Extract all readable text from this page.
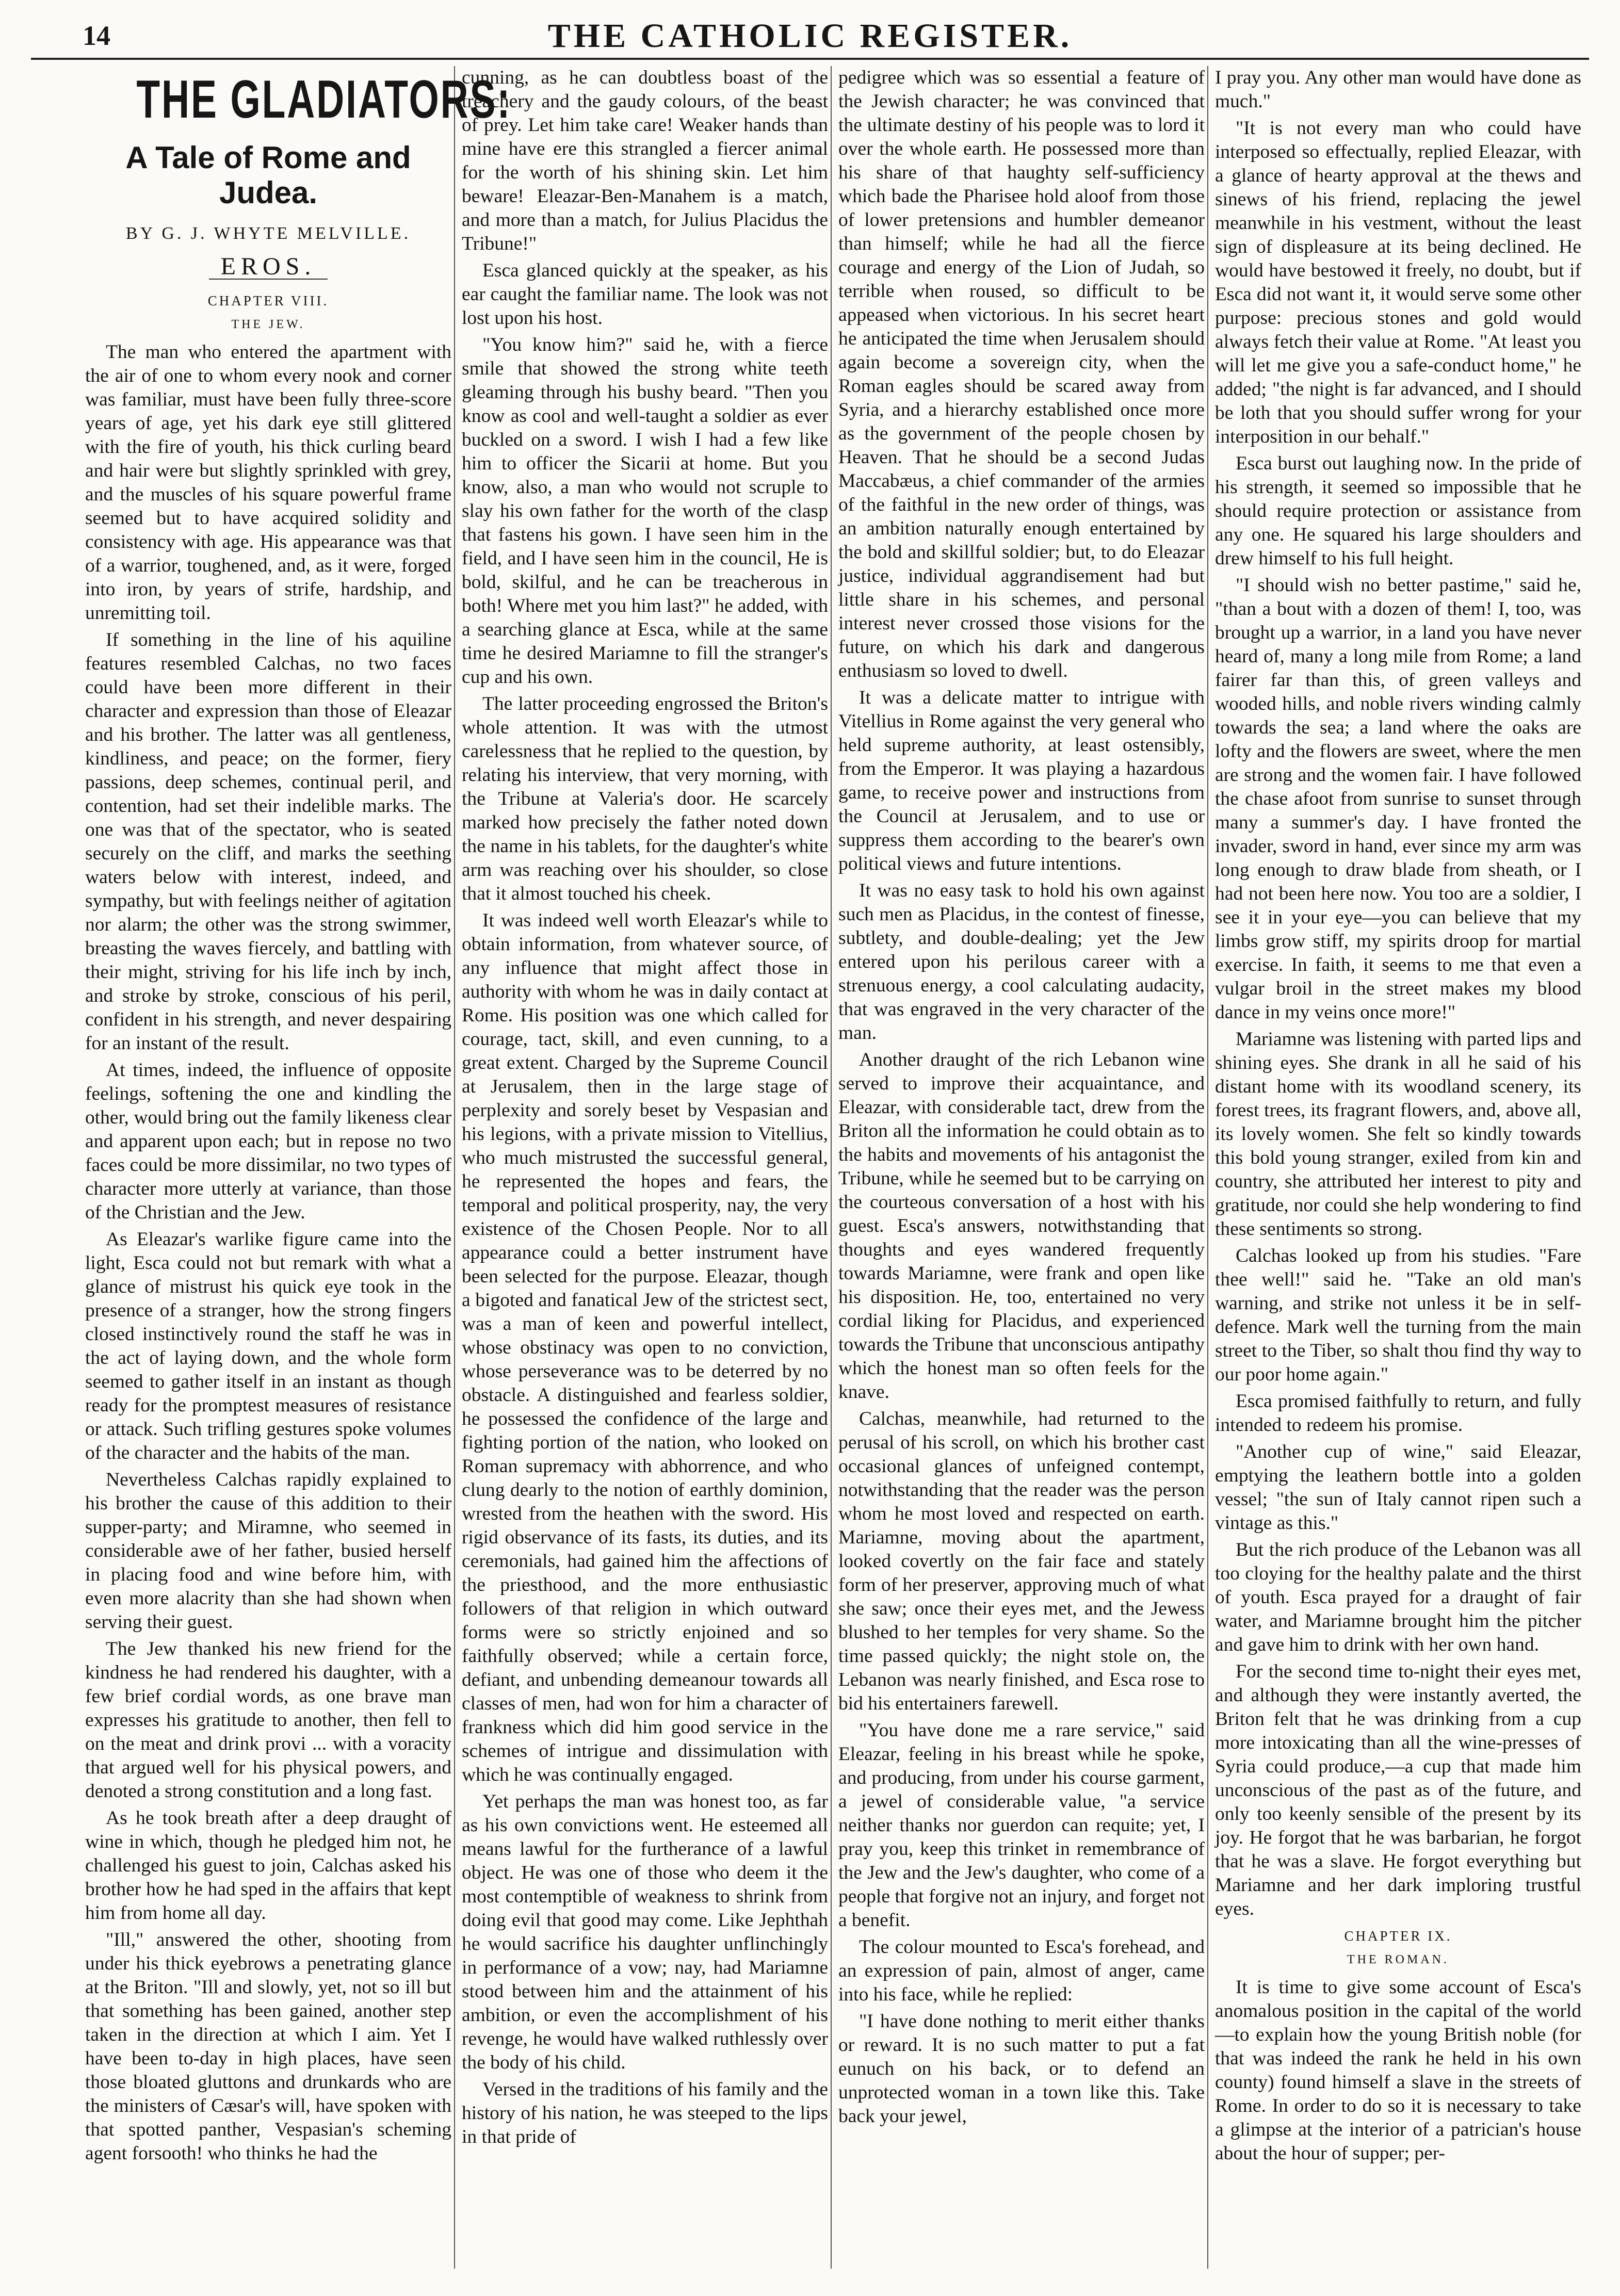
14	THE CATHOLIC REGISTER.
THE GLADIATORS:
A Tale of Rome and Judea.
BY G. J. WHYTE MELVILLE.
EROS.
CHAPTER VIII.
THE JEW.

The man who entered the apartment with the air of one to whom every nook and corner was familiar, must have been fully three-score years of age, yet his dark eye still glittered with the fire of youth, his thick curling beard and hair were but slightly sprinkled with grey, and the muscles of his square powerful frame seemed but to have acquired solidity and consistency with age. His appearance was that of a warrior, toughened, and, as it were, forged into iron, by years of strife, hardship, and unremitting toil.

If something in the line of his aquiline features resembled Calchas, no two faces could have been more different in their character and expression than those of Eleazar and his brother. The latter was all gentleness, kindliness, and peace; on the former, fiery passions, deep schemes, continual peril, and contention, had set their indelible marks. The one was that of the spectator, who is seated securely on the cliff, and marks the seething waters below with interest, indeed, and sympathy, but with feelings neither of agitation nor alarm; the other was the strong swimmer, breasting the waves fiercely, and battling with their might, striving for his life inch by inch, and stroke by stroke, conscious of his peril, confident in his strength, and never despairing for an instant of the result.

At times, indeed, the influence of opposite feelings, softening the one and kindling the other, would bring out the family likeness clear and apparent upon each; but in repose no two faces could be more dissimilar, no two types of character more utterly at variance, than those of the Christian and the Jew.

As Eleazar's warlike figure came into the light, Esca could not but remark with what a glance of mistrust his quick eye took in the presence of a stranger, how the strong fingers closed instinctively round the staff he was in the act of laying down, and the whole form seemed to gather itself in an instant as though ready for the promptest measures of resistance or attack. Such trifling gestures spoke volumes of the character and the habits of the man.

Nevertheless Calchas rapidly explained to his brother the cause of this addition to their supper-party; and Miramne, who seemed in considerable awe of her father, busied herself in placing food and wine before him, with even more alacrity than she had shown when serving their guest.

The Jew thanked his new friend for the kindness he had rendered his daughter, with a few brief cordial words, as one brave man expresses his gratitude to another, then fell to on the meat and drink provi ... with a voracity that argued well for his physical powers, and denoted a strong constitution and a long fast.

As he took breath after a deep draught of wine in which, though he pledged him not, he challenged his guest to join, Calchas asked his brother how he had sped in the affairs that kept him from home all day.

"Ill," answered the other, shooting from under his thick eyebrows a penetrating glance at the Briton. "Ill and slowly, yet, not so ill but that something has been gained, another step taken in the direction at which I aim. Yet I have been to-day in high places, have seen those bloated gluttons and drunkards who are the ministers of Cæsar's will, have spoken with that spotted panther, Vespasian's scheming agent forsooth! who thinks he had the

cunning, as he can doubtless boast of the treachery and the gaudy colours, of the beast of prey. Let him take care! Weaker hands than mine have ere this strangled a fiercer animal for the worth of his shining skin. Let him beware! Eleazar-Ben-Manahem is a match, and more than a match, for Julius Placidus the Tribune!"

Esca glanced quickly at the speaker, as his ear caught the familiar name. The look was not lost upon his host.

"You know him?" said he, with a fierce smile that showed the strong white teeth gleaming through his bushy beard. "Then you know as cool and well-taught a soldier as ever buckled on a sword. I wish I had a few like him to officer the Sicarii at home. But you know, also, a man who would not scruple to slay his own father for the worth of the clasp that fastens his gown. I have seen him in the field, and I have seen him in the council, He is bold, skilful, and he can be treacherous in both! Where met you him last?" he added, with a searching glance at Esca, while at the same time he desired Mariamne to fill the stranger's cup and his own.

The latter proceeding engrossed the Briton's whole attention. It was with the utmost carelessness that he replied to the question, by relating his interview, that very morning, with the Tribune at Valeria's door. He scarcely marked how precisely the father noted down the name in his tablets, for the daughter's white arm was reaching over his shoulder, so close that it almost touched his cheek.

It was indeed well worth Eleazar's while to obtain information, from whatever source, of any influence that might affect those in authority with whom he was in daily contact at Rome. His position was one which called for courage, tact, skill, and even cunning, to a great extent. Charged by the Supreme Council at Jerusalem, then in the large stage of perplexity and sorely beset by Vespasian and his legions, with a private mission to Vitellius, who much mistrusted the successful general, he represented the hopes and fears, the temporal and political prosperity, nay, the very existence of the Chosen People. Nor to all appearance could a better instrument have been selected for the purpose. Eleazar, though a bigoted and fanatical Jew of the strictest sect, was a man of keen and powerful intellect, whose obstinacy was open to no conviction, whose perseverance was to be deterred by no obstacle. A distinguished and fearless soldier, he possessed the confidence of the large and fighting portion of the nation, who looked on Roman supremacy with abhorrence, and who clung dearly to the notion of earthly dominion, wrested from the heathen with the sword. His rigid observance of its fasts, its duties, and its ceremonials, had gained him the affections of the priesthood, and the more enthusiastic followers of that religion in which outward forms were so strictly enjoined and so faithfully observed; while a certain force, defiant, and unbending demeanour towards all classes of men, had won for him a character of frankness which did him good service in the schemes of intrigue and dissimulation with which he was continually engaged.

Yet perhaps the man was honest too, as far as his own convictions went. He esteemed all means lawful for the furtherance of a lawful object. He was one of those who deem it the most contemptible of weakness to shrink from doing evil that good may come. Like Jephthah he would sacrifice his daughter unflinchingly in performance of a vow; nay, had Mariamne stood between him and the attainment of his ambition, or even the accomplishment of his revenge, he would have walked ruthlessly over the body of his child.

Versed in the traditions of his family and the history of his nation, he was steeped to the lips in that pride of

pedigree which was so essential a feature of the Jewish character; he was convinced that the ultimate destiny of his people was to lord it over the whole earth. He possessed more than his share of that haughty self-sufficiency which bade the Pharisee hold aloof from those of lower pretensions and humbler demeanor than himself; while he had all the fierce courage and energy of the Lion of Judah, so terrible when roused, so difficult to be appeased when victorious. In his secret heart he anticipated the time when Jerusalem should again become a sovereign city, when the Roman eagles should be scared away from Syria, and a hierarchy established once more as the government of the people chosen by Heaven. That he should be a second Judas Maccabæus, a chief commander of the armies of the faithful in the new order of things, was an ambition naturally enough entertained by the bold and skillful soldier; but, to do Eleazar justice, individual aggrandisement had but little share in his schemes, and personal interest never crossed those visions for the future, on which his dark and dangerous enthusiasm so loved to dwell.

It was a delicate matter to intrigue with Vitellius in Rome against the very general who held supreme authority, at least ostensibly, from the Emperor. It was playing a hazardous game, to receive power and instructions from the Council at Jerusalem, and to use or suppress them according to the bearer's own political views and future intentions.

It was no easy task to hold his own against such men as Placidus, in the contest of finesse, subtlety, and double-dealing; yet the Jew entered upon his perilous career with a strenuous energy, a cool calculating audacity, that was engraved in the very character of the man.

Another draught of the rich Lebanon wine served to improve their acquaintance, and Eleazar, with considerable tact, drew from the Briton all the information he could obtain as to the habits and movements of his antagonist the Tribune, while he seemed but to be carrying on the courteous conversation of a host with his guest. Esca's answers, notwithstanding that thoughts and eyes wandered frequently towards Mariamne, were frank and open like his disposition. He, too, entertained no very cordial liking for Placidus, and experienced towards the Tribune that unconscious antipathy which the honest man so often feels for the knave.

Calchas, meanwhile, had returned to the perusal of his scroll, on which his brother cast occasional glances of unfeigned contempt, notwithstanding that the reader was the person whom he most loved and respected on earth. Mariamne, moving about the apartment, looked covertly on the fair face and stately form of her preserver, approving much of what she saw; once their eyes met, and the Jewess blushed to her temples for very shame. So the time passed quickly; the night stole on, the Lebanon was nearly finished, and Esca rose to bid his entertainers farewell.

"You have done me a rare service," said Eleazar, feeling in his breast while he spoke, and producing, from under his course garment, a jewel of considerable value, "a service neither thanks nor guerdon can requite; yet, I pray you, keep this trinket in remembrance of the Jew and the Jew's daughter, who come of a people that forgive not an injury, and forget not a benefit.

The colour mounted to Esca's forehead, and an expression of pain, almost of anger, came into his face, while he replied:

"I have done nothing to merit either thanks or reward. It is no such matter to put a fat eunuch on his back, or to defend an unprotected woman in a town like this. Take back your jewel,

I pray you. Any other man would have done as much."

"It is not every man who could have interposed so effectually, replied Eleazar, with a glance of hearty approval at the thews and sinews of his friend, replacing the jewel meanwhile in his vestment, without the least sign of displeasure at its being declined. He would have bestowed it freely, no doubt, but if Esca did not want it, it would serve some other purpose: precious stones and gold would always fetch their value at Rome. "At least you will let me give you a safe-conduct home," he added; "the night is far advanced, and I should be loth that you should suffer wrong for your interposition in our behalf."

Esca burst out laughing now. In the pride of his strength, it seemed so impossible that he should require protection or assistance from any one. He squared his large shoulders and drew himself to his full height.

"I should wish no better pastime," said he, "than a bout with a dozen of them! I, too, was brought up a warrior, in a land you have never heard of, many a long mile from Rome; a land fairer far than this, of green valleys and wooded hills, and noble rivers winding calmly towards the sea; a land where the oaks are lofty and the flowers are sweet, where the men are strong and the women fair. I have followed the chase afoot from sunrise to sunset through many a summer's day. I have fronted the invader, sword in hand, ever since my arm was long enough to draw blade from sheath, or I had not been here now. You too are a soldier, I see it in your eye—you can believe that my limbs grow stiff, my spirits droop for martial exercise. In faith, it seems to me that even a vulgar broil in the street makes my blood dance in my veins once more!"

Mariamne was listening with parted lips and shining eyes. She drank in all he said of his distant home with its woodland scenery, its forest trees, its fragrant flowers, and, above all, its lovely women. She felt so kindly towards this bold young stranger, exiled from kin and country, she attributed her interest to pity and gratitude, nor could she help wondering to find these sentiments so strong.

Calchas looked up from his studies. "Fare thee well!" said he. "Take an old man's warning, and strike not unless it be in self-defence. Mark well the turning from the main street to the Tiber, so shalt thou find thy way to our poor home again."

Esca promised faithfully to return, and fully intended to redeem his promise.

"Another cup of wine," said Eleazar, emptying the leathern bottle into a golden vessel; "the sun of Italy cannot ripen such a vintage as this."

But the rich produce of the Lebanon was all too cloying for the healthy palate and the thirst of youth. Esca prayed for a draught of fair water, and Mariamne brought him the pitcher and gave him to drink with her own hand.

For the second time to-night their eyes met, and although they were instantly averted, the Briton felt that he was drinking from a cup more intoxicating than all the wine-presses of Syria could produce,—a cup that made him unconscious of the past as of the future, and only too keenly sensible of the present by its joy. He forgot that he was barbarian, he forgot that he was a slave. He forgot everything but Mariamne and her dark imploring trustful eyes.

CHAPTER IX.
THE ROMAN.

It is time to give some account of Esca's anomalous position in the capital of the world—to explain how the young British noble (for that was indeed the rank he held in his own county) found himself a slave in the streets of Rome. In order to do so it is necessary to take a glimpse at the interior of a patrician's house about the hour of supper; per-
